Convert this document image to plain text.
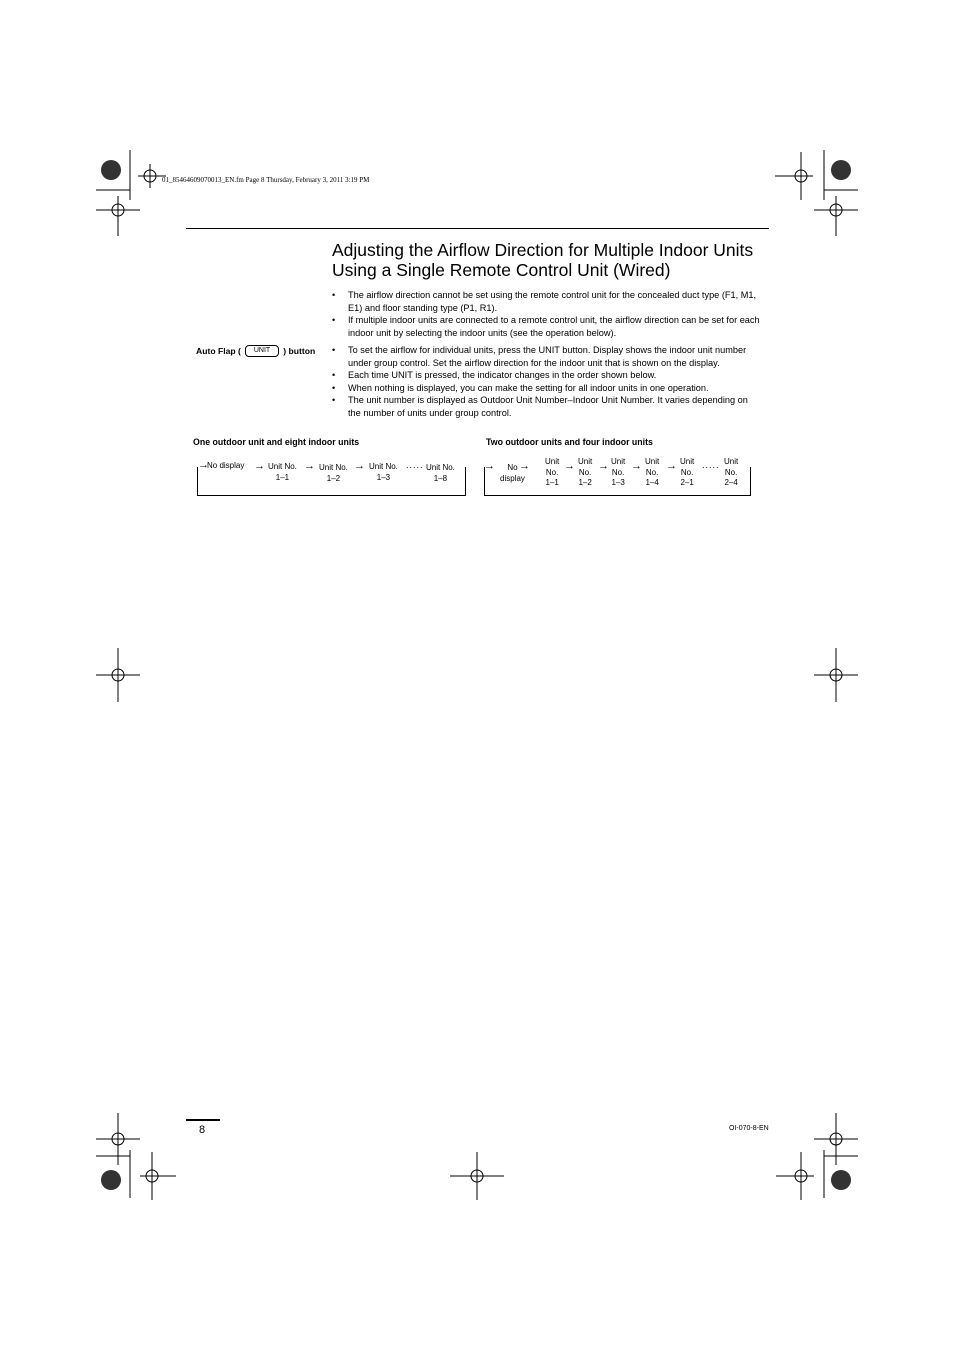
01_85464609070013_EN.fm Page 8 Thursday, February 3, 2011 3:19 PM
Adjusting the Airflow Direction for Multiple Indoor Units
Using a Single Remote Control Unit (Wired)
• The airflow direction cannot be set using the remote control unit for the concealed duct type (F1, M1, E1) and floor standing type (P1, R1).
• If multiple indoor units are connected to a remote control unit, the airflow direction can be set for each indoor unit by selecting the indoor units (see the operation below).
Auto Flap (	UNIT	) button
•	To set the airflow for individual units, press the UNIT button. Display shows the indoor unit number under group control. Set the airflow direction for the indoor unit that is shown on the display.
• Each time UNIT is pressed, the indicator changes in the order shown below.
• When nothing is displayed, you can make the setting for all indoor units in one operation.
• The unit number is displayed as Outdoor Unit Number–Indoor Unit Number. It varies depending on the number of units under group control.
One outdoor unit and eight indoor units
→
No display → Unit No.
1–1
→ Unit No.
1–2
→ Unit No.
1–3
..... Unit No.
1–8
Two outdoor units and four indoor units
→	No
display
→ Unit
No.
1–1
→ Unit
No.
1–2
→ Unit
No.
1–3
→ Unit
No.
1–4
→ Unit
No.
2–1
..... Unit
No.
2–4
8	OI-070-8-EN
